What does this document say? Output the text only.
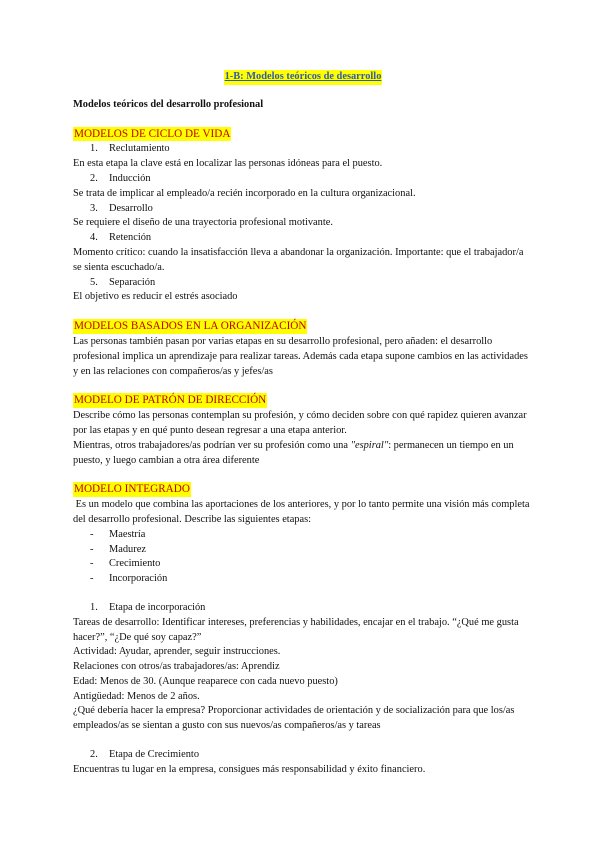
1-B: Modelos teóricos de desarrollo

Modelos teóricos del desarrollo profesional

MODELOS DE CICLO DE VIDA
1. Reclutamiento

En esta etapa la clave está en localizar las personas idóneas para el puesto.

2. Inducción

Se trata de implicar al empleado/a recién incorporado en la cultura organizacional.

3. Desarrollo

Se requiere el diseño de una trayectoria profesional motivante.

4. Retención

Momento crítico: cuando la insatisfacción lleva a abandonar la organización. Importante: que el trabajador/a se sienta escuchado/a.

5. Separación

El objetivo es reducir el estrés asociado

MODELOS BASADOS EN LA ORGANIZACIÓN

Las personas también pasan por varias etapas en su desarrollo profesional, pero añaden: el desarrollo profesional implica un aprendizaje para realizar tareas. Además cada etapa supone cambios en las actividades y en las relaciones con compañeros/as y jefes/as

MODELO DE PATRÓN DE DIRECCIÓN

Describe cómo las personas contemplan su profesión, y cómo deciden sobre con qué rapidez quieren avanzar por las etapas y en qué punto desean regresar a una etapa anterior.

Mientras, otros trabajadores/as podrían ver su profesión como una "espiral": permanecen un tiempo en un puesto, y luego cambian a otra área diferente

MODELO INTEGRADO

Es un modelo que combina las aportaciones de los anteriores, y por lo tanto permite una visión más completa del desarrollo profesional. Describe las siguientes etapas:

- Maestría
- Madurez
- Crecimiento
- Incorporación
1. Etapa de incorporación

Tareas de desarrollo: Identificar intereses, preferencias y habilidades, encajar en el trabajo. “¿Qué me gusta hacer?”, “¿De qué soy capaz?”

Actividad: Ayudar, aprender, seguir instrucciones.

Relaciones con otros/as trabajadores/as: Aprendiz

Edad: Menos de 30. (Aunque reaparece con cada nuevo puesto)

Antigüedad: Menos de 2 años.

¿Qué debería hacer la empresa? Proporcionar actividades de orientación y de socialización para que los/as empleados/as se sientan a gusto con sus nuevos/as compañeros/as y tareas

2. Etapa de Crecimiento

Encuentras tu lugar en la empresa, consigues más responsabilidad y éxito financiero.
